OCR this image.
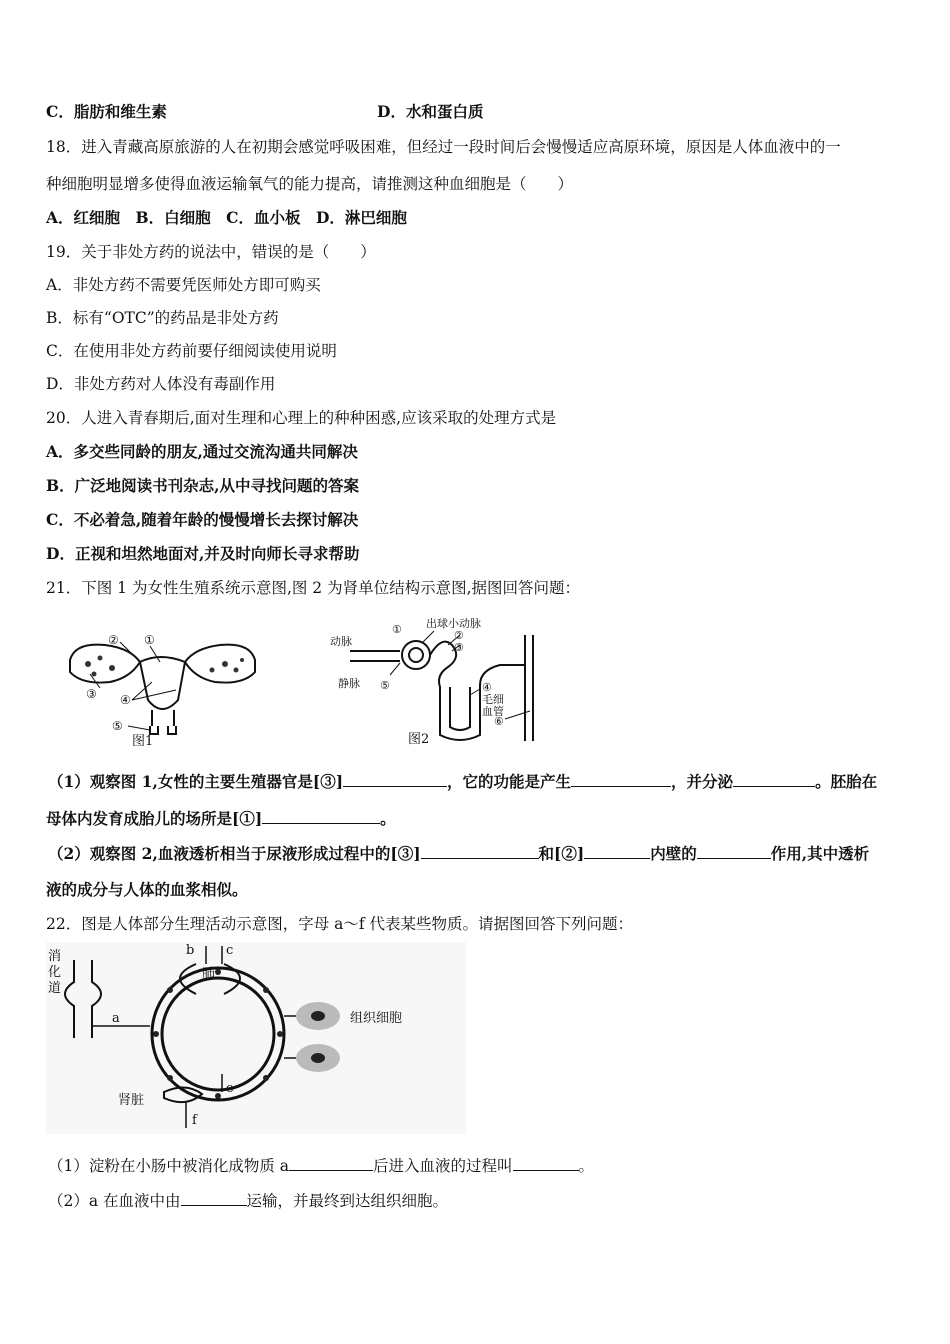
C．脂肪和维生素	D．水和蛋白质
18．进入青藏高原旅游的人在初期会感觉呼吸困难，但经过一段时间后会慢慢适应高原环境，原因是人体血液中的一
种细胞明显增多使得血液运输氧气的能力提高，请推测这种血细胞是（　　）
A．红细胞　B．白细胞　C．血小板　D．淋巴细胞
19．关于非处方药的说法中，错误的是（　　）
A．非处方药不需要凭医师处方即可购买
B．标有“OTC”的药品是非处方药
C．在使用非处方药前要仔细阅读使用说明
D．非处方药对人体没有毒副作用
20．人进入青春期后,面对生理和心理上的种种困惑,应该采取的处理方式是
A．多交些同龄的朋友,通过交流沟通共同解决
B．广泛地阅读书刊杂志,从中寻找问题的答案
C．不必着急,随着年龄的慢慢增长去探讨解决
D．正视和坦然地面对,并及时向师长寻求帮助
21．下图 1 为女性生殖系统示意图,图 2 为肾单位结构示意图,据图回答问题：
② ①
③ ④
⑤
图1
动脉
静脉
① 出球小动脉
②
③
④
毛细
血管
⑤
⑥
图2
（1）观察图 1,女性的主要生殖器官是[③]	，它的功能是产生	，并分泌	。胚胎在
母体内发育成胎儿的场所是[①]	。
（2）观察图 2,血液透析相当于尿液形成过程中的[③]	和[②]	内壁的	作用,其中透析
液的成分与人体的血浆相似。
22．图是人体部分生理活动示意图，字母 a～f 代表某些物质。请据图回答下列问题：
消
化
道
肺
组织细胞
肾脏
a
b c
e
f
（1）淀粉在小肠中被消化成物质 a	后进入血液的过程叫	。
（2）a 在血液中由	运输，并最终到达组织细胞。
